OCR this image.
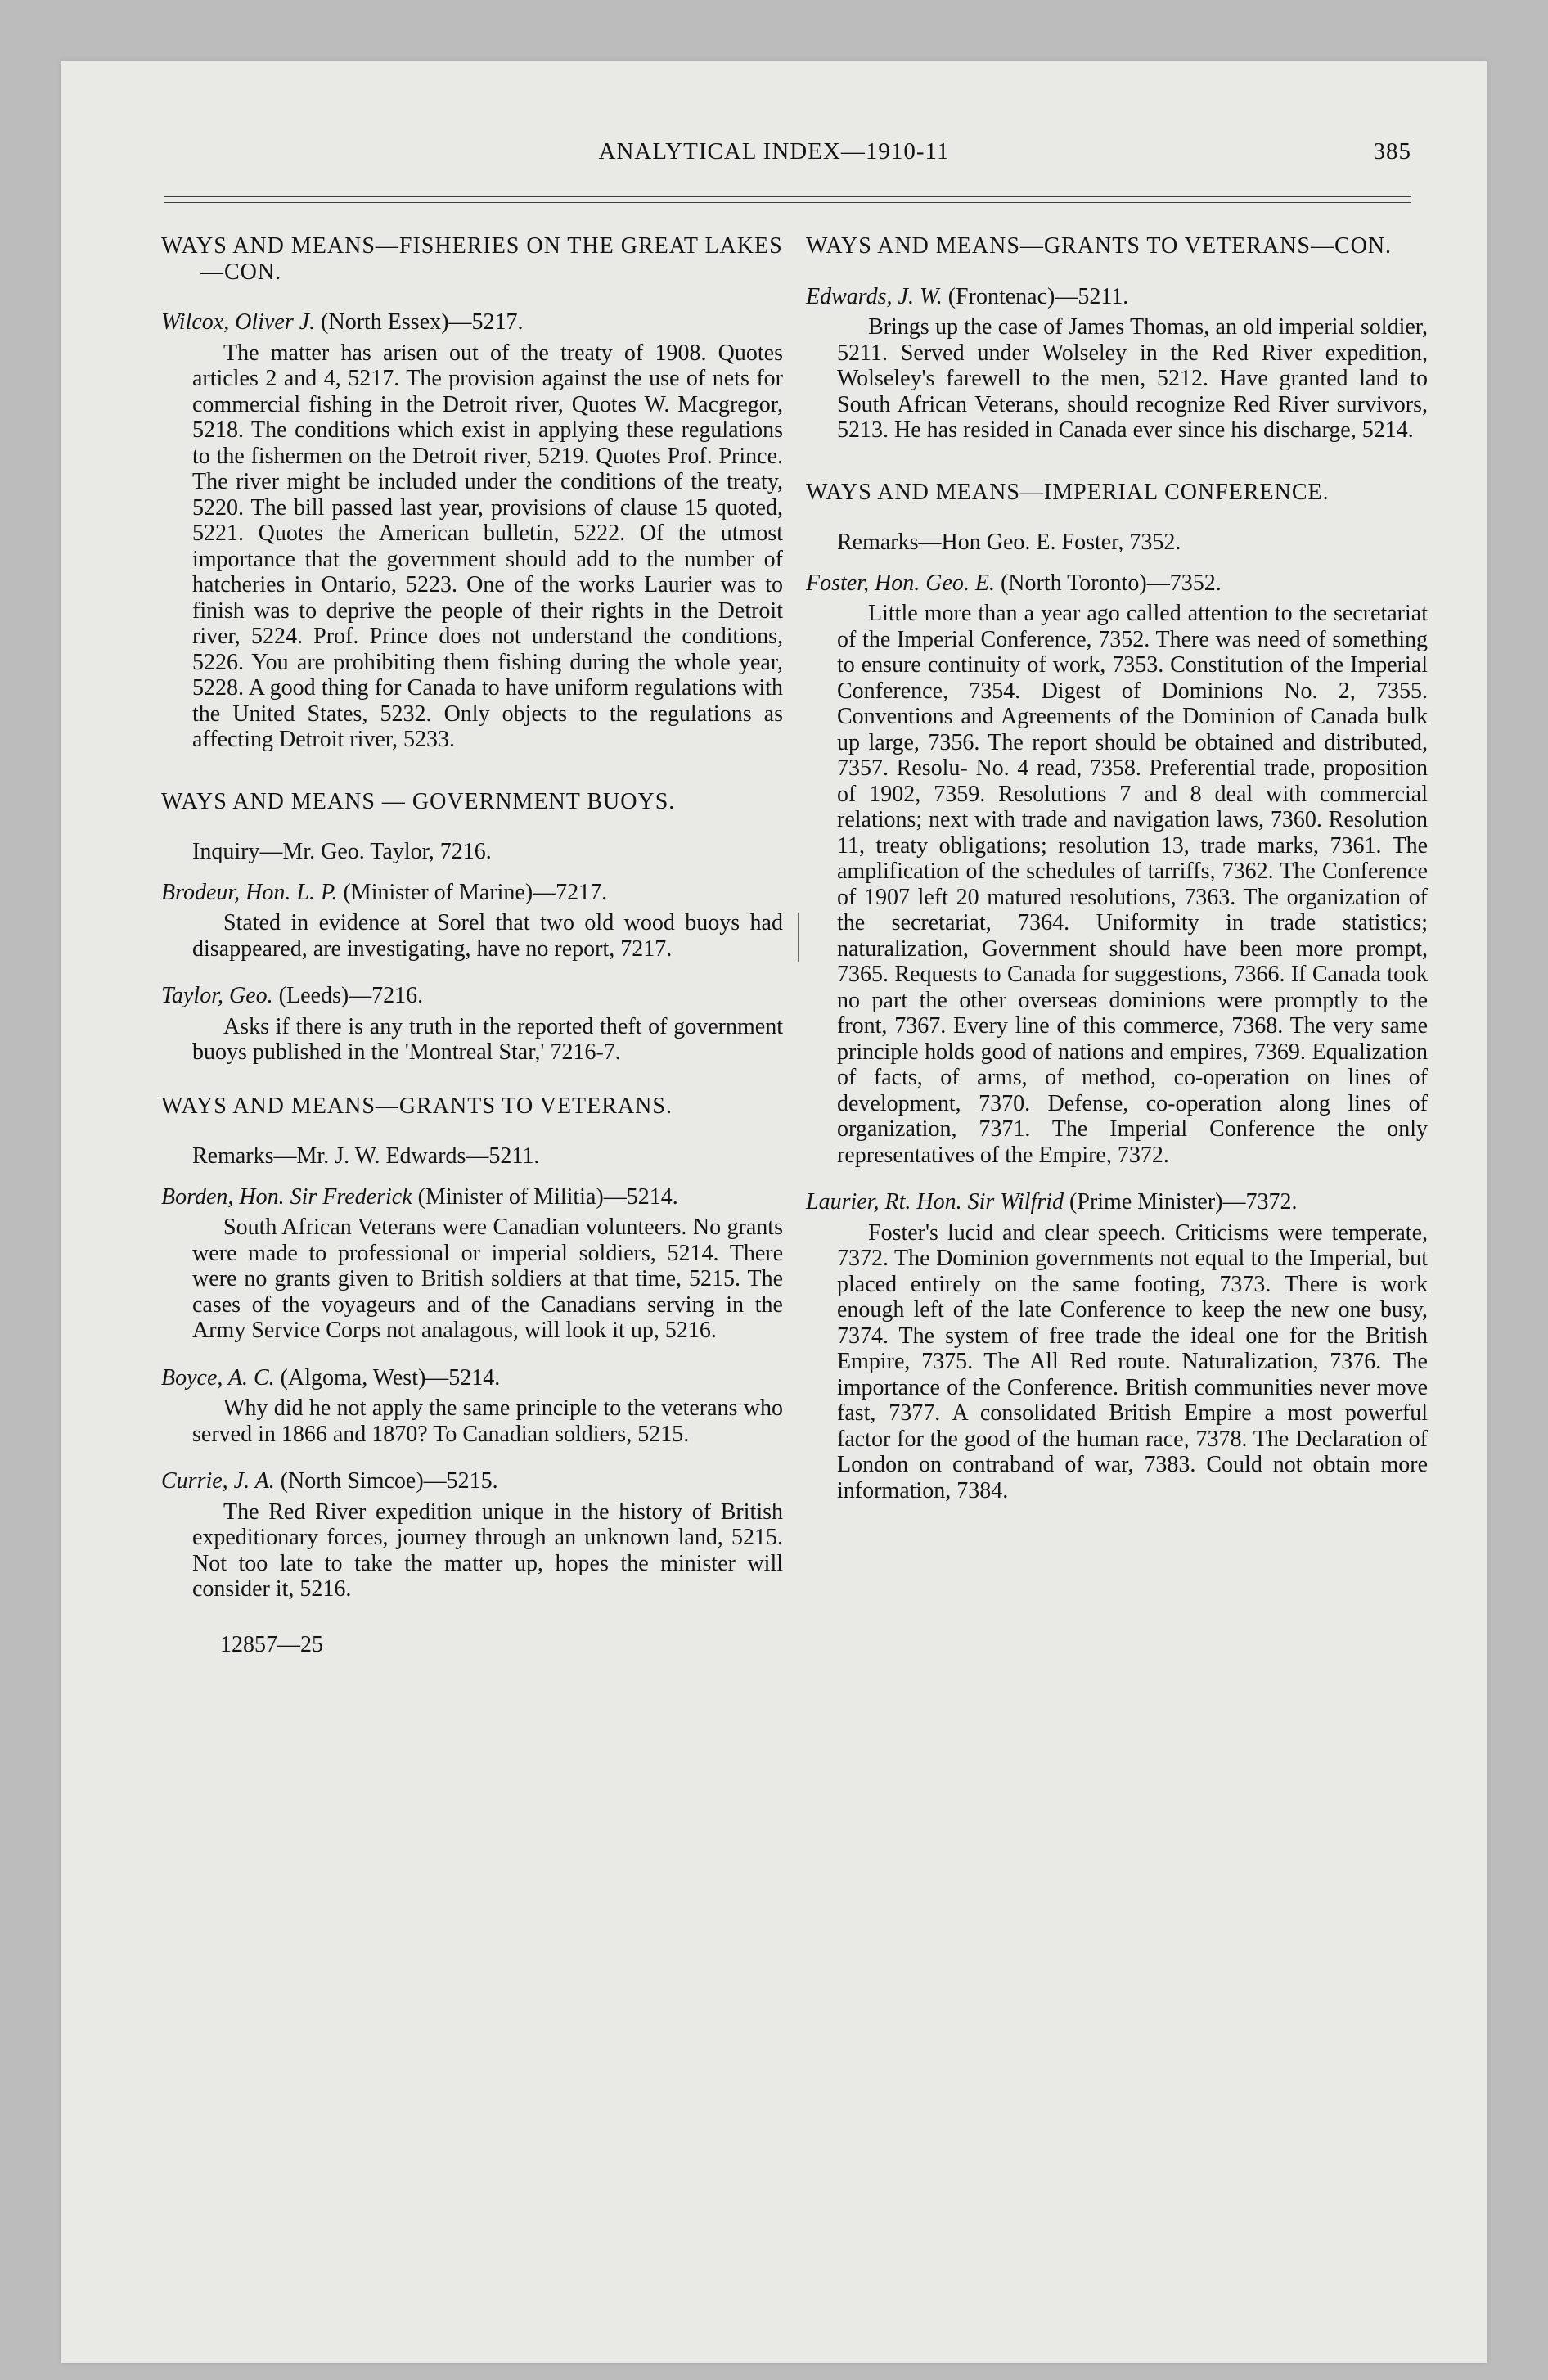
ANALYTICAL INDEX—1910-11	385

WAYS AND MEANS—FISHERIES ON THE GREAT LAKES—CON.

Wilcox, Oliver J. (North Essex)—5217.

The matter has arisen out of the treaty of 1908. Quotes articles 2 and 4, 5217. The provision against the use of nets for commercial fishing in the Detroit river, Quotes W. Macgregor, 5218. The conditions which exist in applying these regulations to the fishermen on the Detroit river, 5219. Quotes Prof. Prince. The river might be included under the conditions of the treaty, 5220. The bill passed last year, provisions of clause 15 quoted, 5221. Quotes the American bulletin, 5222. Of the utmost importance that the government should add to the number of hatcheries in Ontario, 5223. One of the works Laurier was to finish was to deprive the people of their rights in the Detroit river, 5224. Prof. Prince does not understand the conditions, 5226. You are prohibiting them fishing during the whole year, 5228. A good thing for Canada to have uniform regulations with the United States, 5232. Only objects to the regulations as affecting Detroit river, 5233.

WAYS AND MEANS — GOVERNMENT BUOYS.

Inquiry—Mr. Geo. Taylor, 7216.

Brodeur, Hon. L. P. (Minister of Marine)—7217.

Stated in evidence at Sorel that two old wood buoys had disappeared, are investigating, have no report, 7217.

Taylor, Geo. (Leeds)—7216.

Asks if there is any truth in the reported theft of government buoys published in the 'Montreal Star,' 7216-7.

WAYS AND MEANS—GRANTS TO VETERANS.

Remarks—Mr. J. W. Edwards—5211.

Borden, Hon. Sir Frederick (Minister of Militia)—5214.

South African Veterans were Canadian volunteers. No grants were made to professional or imperial soldiers, 5214. There were no grants given to British soldiers at that time, 5215. The cases of the voyageurs and of the Canadians serving in the Army Service Corps not analagous, will look it up, 5216.

Boyce, A. C. (Algoma, West)—5214.

Why did he not apply the same principle to the veterans who served in 1866 and 1870? To Canadian soldiers, 5215.

Currie, J. A. (North Simcoe)—5215.

The Red River expedition unique in the history of British expeditionary forces, journey through an unknown land, 5215. Not too late to take the matter up, hopes the minister will consider it, 5216.

12857—25

WAYS AND MEANS—GRANTS TO VETERANS—CON.

Edwards, J. W. (Frontenac)—5211.

Brings up the case of James Thomas, an old imperial soldier, 5211. Served under Wolseley in the Red River expedition, Wolseley's farewell to the men, 5212. Have granted land to South African Veterans, should recognize Red River survivors, 5213. He has resided in Canada ever since his discharge, 5214.

WAYS AND MEANS—IMPERIAL CONFERENCE.

Remarks—Hon Geo. E. Foster, 7352.

Foster, Hon. Geo. E. (North Toronto)—7352.

Little more than a year ago called attention to the secretariat of the Imperial Conference, 7352. There was need of something to ensure continuity of work, 7353. Constitution of the Imperial Conference, 7354. Digest of Dominions No. 2, 7355. Conventions and Agreements of the Dominion of Canada bulk up large, 7356. The report should be obtained and distributed, 7357. Resolu- No. 4 read, 7358. Preferential trade, proposition of 1902, 7359. Resolutions 7 and 8 deal with commercial relations; next with trade and navigation laws, 7360. Resolution 11, treaty obligations; resolution 13, trade marks, 7361. The amplification of the schedules of tarriffs, 7362. The Conference of 1907 left 20 matured resolutions, 7363. The organization of the secretariat, 7364. Uniformity in trade statistics; naturalization, Government should have been more prompt, 7365. Requests to Canada for suggestions, 7366. If Canada took no part the other overseas dominions were promptly to the front, 7367. Every line of this commerce, 7368. The very same principle holds good of nations and empires, 7369. Equalization of facts, of arms, of method, co-operation on lines of development, 7370. Defense, co-operation along lines of organization, 7371. The Imperial Conference the only representatives of the Empire, 7372.

Laurier, Rt. Hon. Sir Wilfrid (Prime Minister)—7372.

Foster's lucid and clear speech. Criticisms were temperate, 7372. The Dominion governments not equal to the Imperial, but placed entirely on the same footing, 7373. There is work enough left of the late Conference to keep the new one busy, 7374. The system of free trade the ideal one for the British Empire, 7375. The All Red route. Naturalization, 7376. The importance of the Conference. British communities never move fast, 7377. A consolidated British Empire a most powerful factor for the good of the human race, 7378. The Declaration of London on contraband of war, 7383. Could not obtain more information, 7384.
